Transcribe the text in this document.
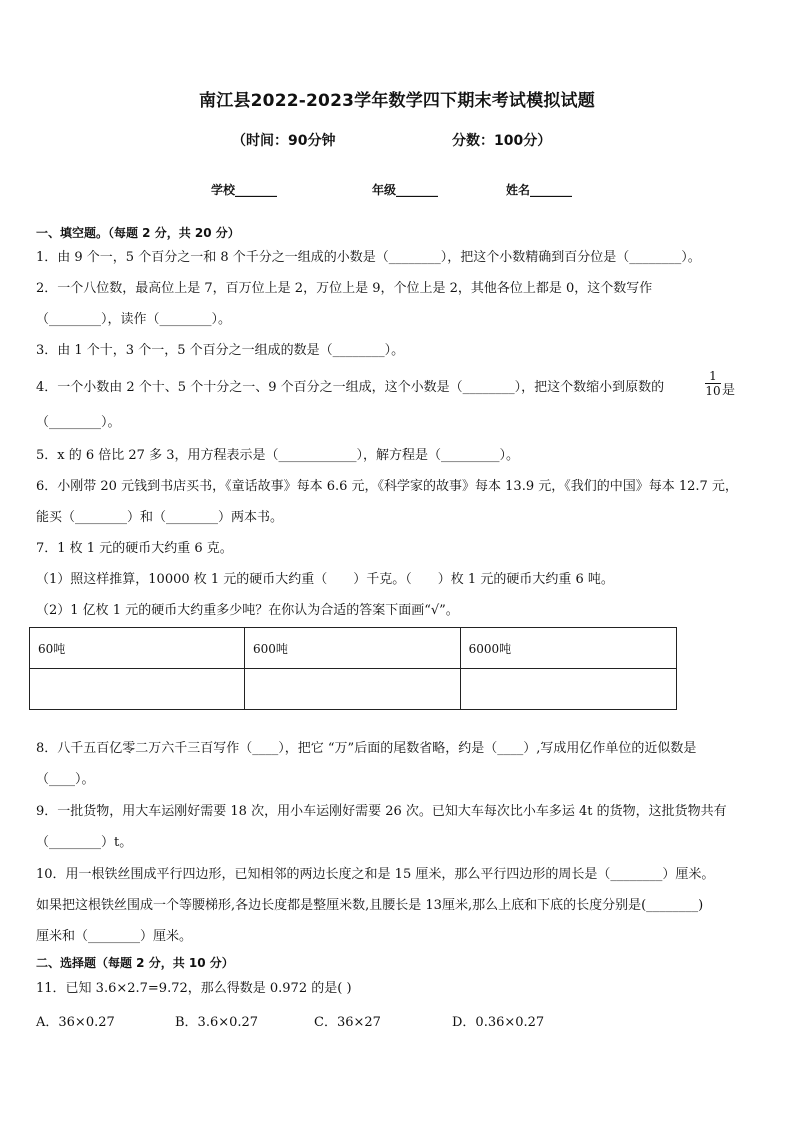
南江县2022-2023学年数学四下期末考试模拟试题
（时间：90分钟	分数：100分）
学校_______	年级_______	姓名_______
一、填空题。（每题 2 分，共 20 分）
1．由 9 个一，5 个百分之一和 8 个千分之一组成的小数是（________），把这个小数精确到百分位是（________）。
2．一个八位数，最高位上是 7，百万位上是 2，万位上是 9，个位上是 2，其他各位上都是 0，这个数写作
（________），读作（________）。
3．由 1 个十，3 个一，5 个百分之一组成的数是（________）。
4．一个小数由 2 个十、5 个十分之一、9 个百分之一组成，这个小数是（________），把这个数缩小到原数的	$\frac{1}{10}$ 是
（________）。
5．x 的 6 倍比 27 多 3，用方程表示是（____________），解方程是（_________）。
6．小刚带 20 元钱到书店买书，《童话故事》每本 6.6 元，《科学家的故事》每本 13.9 元，《我们的中国》每本 12.7 元，
能买（________）和（________）两本书。
7．1 枚 1 元的硬币大约重 6 克。
（1）照这样推算，10000 枚 1 元的硬币大约重（　　）千克。（　　）枚 1 元的硬币大约重 6 吨。
（2）1 亿枚 1 元的硬币大约重多少吨？在你认为合适的答案下面画“√”。
60吨	600吨	6000吨

8．八千五百亿零二万六千三百写作（____），把它 “万”后面的尾数省略，约是（____）,写成用亿作单位的近似数是
（____）。
9．一批货物，用大车运刚好需要 18 次，用小车运刚好需要 26 次。已知大车每次比小车多运 4t 的货物，这批货物共有
（________）t。
10．用一根铁丝围成平行四边形，已知相邻的两边长度之和是 15 厘米，那么平行四边形的周长是（________）厘米。
如果把这根铁丝围成一个等腰梯形,各边长度都是整厘米数,且腰长是 13厘米,那么上底和下底的长度分别是(________)
厘米和（________）厘米。
二、选择题（每题 2 分，共 10 分）
11．已知 3.6×2.7=9.72，那么得数是 0.972 的是( )
A．36×0.27	B．3.6×0.27	C．36×27	D．0.36×0.27
